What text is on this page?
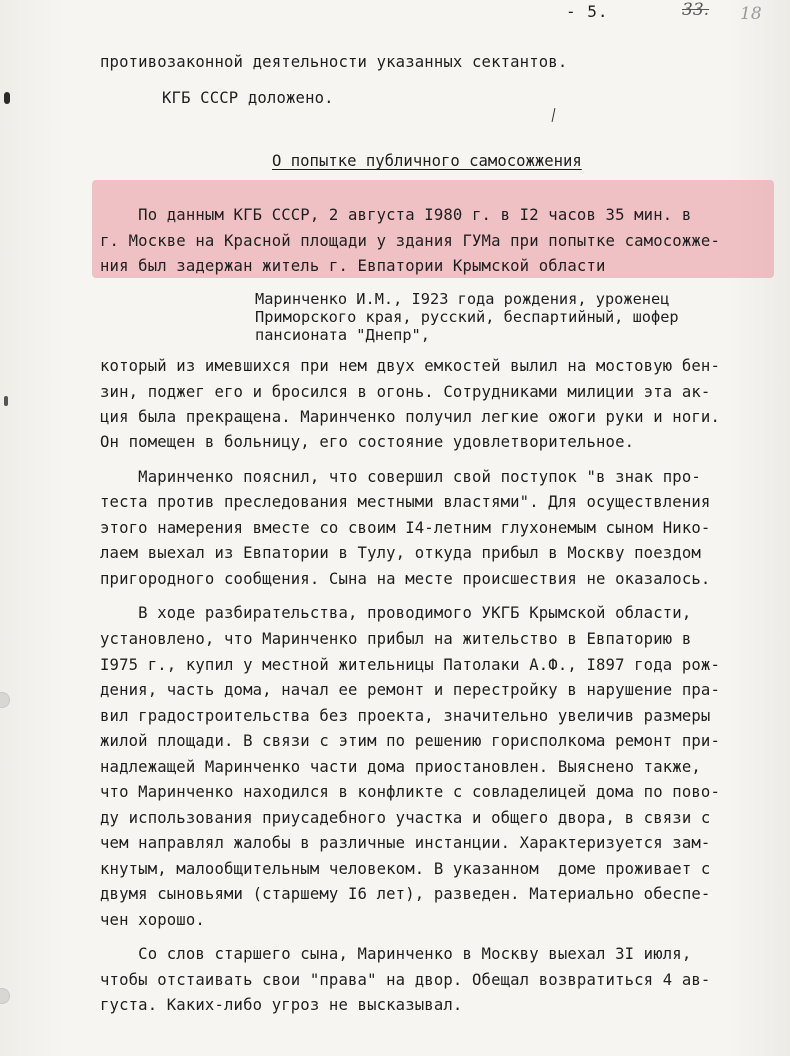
- 5.	33. 18
противозаконной деятельности указанных сектантов.
КГБ СССР доложено.
О попытке публичного самосожжения
По данным КГБ СССР, 2 августа I980 г. в I2 часов 35 мин. в
г. Москве на Красной площади у здания ГУМа при попытке самосожже-
ния был задержан житель г. Евпатории Крымской области
Маринченко И.М., I923 года рождения, уроженец
Приморского края, русский, беспартийный, шофер
пансионата "Днепр",
который из имевшихся при нем двух емкостей вылил на мостовую бен-
зин, поджег его и бросился в огонь. Сотрудниками милиции эта ак-
ция была прекращена. Маринченко получил легкие ожоги руки и ноги.
Он помещен в больницу, его состояние удовлетворительное.
Маринченко пояснил, что совершил свой поступок "в знак про-
теста против преследования местными властями". Для осуществления
этого намерения вместе со своим I4-летним глухонемым сыном Нико-
лаем выехал из Евпатории в Тулу, откуда прибыл в Москву поездом
пригородного сообщения. Сына на месте происшествия не оказалось.
В ходе разбирательства, проводимого УКГБ Крымской области,
установлено, что Маринченко прибыл на жительство в Евпаторию в
I975 г., купил у местной жительницы Патолаки А.Ф., I897 года рож-
дения, часть дома, начал ее ремонт и перестройку в нарушение пра-
вил градостроительства без проекта, значительно увеличив размеры
жилой площади. В связи с этим по решению горисполкома ремонт при-
надлежащей Маринченко части дома приостановлен. Выяснено также,
что Маринченко находился в конфликте с совладелицей дома по пово-
ду использования приусадебного участка и общего двора, в связи с
чем направлял жалобы в различные инстанции. Характеризуется зам-
кнутым, малообщительным человеком. В указанном  доме проживает с
двумя сыновьями (старшему I6 лет), разведен. Материально обеспе-
чен хорошо.
Со слов старшего сына, Маринченко в Москву выехал 3I июля,
чтобы отстаивать свои "права" на двор. Обещал возвратиться 4 ав-
густа. Каких-либо угроз не высказывал.
